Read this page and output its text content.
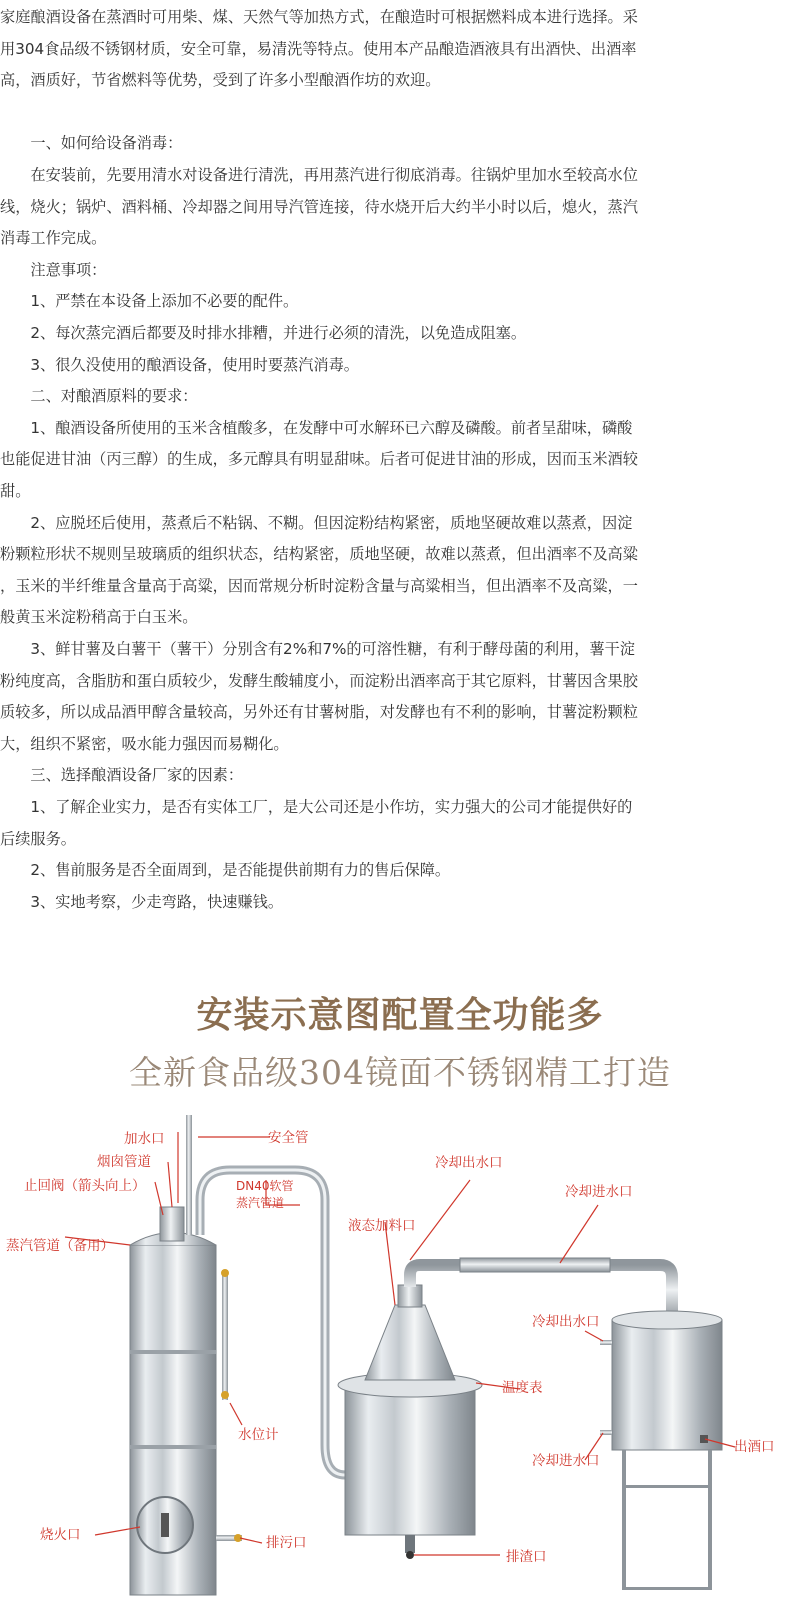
家庭酿酒设备在蒸酒时可用柴、煤、天然气等加热方式，在酿造时可根据燃料成本进行选择。采
用304食品级不锈钢材质，安全可靠，易清洗等特点。使用本产品酿造酒液具有出酒快、出酒率
高，酒质好，节省燃料等优势，受到了许多小型酿酒作坊的欢迎。
　　一、如何给设备消毒：
　　在安装前，先要用清水对设备进行清洗，再用蒸汽进行彻底消毒。往锅炉里加水至较高水位
线，烧火；锅炉、酒料桶、冷却器之间用导汽管连接，待水烧开后大约半小时以后，熄火，蒸汽
消毒工作完成。
　　注意事项：
　　1、严禁在本设备上添加不必要的配件。
　　2、每次蒸完酒后都要及时排水排糟，并进行必须的清洗，以免造成阻塞。
　　3、很久没使用的酿酒设备，使用时要蒸汽消毒。
　　二、对酿酒原料的要求：
　　1、酿酒设备所使用的玉米含植酸多，在发酵中可水解环已六醇及磷酸。前者呈甜味，磷酸
也能促进甘油（丙三醇）的生成，多元醇具有明显甜味。后者可促进甘油的形成，因而玉米酒较
甜。
　　2、应脱坯后使用，蒸煮后不粘锅、不糊。但因淀粉结构紧密，质地坚硬故难以蒸煮，因淀
粉颗粒形状不规则呈玻璃质的组织状态，结构紧密，质地坚硬，故难以蒸煮，但出酒率不及高粱
，玉米的半纤维量含量高于高粱，因而常规分析时淀粉含量与高粱相当，但出酒率不及高粱，一
般黄玉米淀粉稍高于白玉米。
　　3、鲜甘薯及白薯干（薯干）分别含有2%和7%的可溶性糖，有利于酵母菌的利用，薯干淀
粉纯度高，含脂肪和蛋白质较少，发酵生酸辅度小，而淀粉出酒率高于其它原料，甘薯因含果胶
质较多，所以成品酒甲醇含量较高，另外还有甘薯树脂，对发酵也有不利的影响，甘薯淀粉颗粒
大，组织不紧密，吸水能力强因而易糊化。
　　三、选择酿酒设备厂家的因素：
　　1、了解企业实力，是否有实体工厂，是大公司还是小作坊，实力强大的公司才能提供好的
后续服务。
　　2、售前服务是否全面周到，是否能提供前期有力的售后保障。
　　3、实地考察，少走弯路，快速赚钱。
安装示意图配置全功能多
全新食品级304镜面不锈钢精工打造
加水口
烟囱管道
止回阀（箭头向上）
蒸汽管道（备用）
安全管
DN40软管
蒸汽管道
冷却出水口
冷却进水口
液态加料口
冷却出水口
温度表
水位计
冷却进水口
出酒口
烧火口	排污口
排渣口
